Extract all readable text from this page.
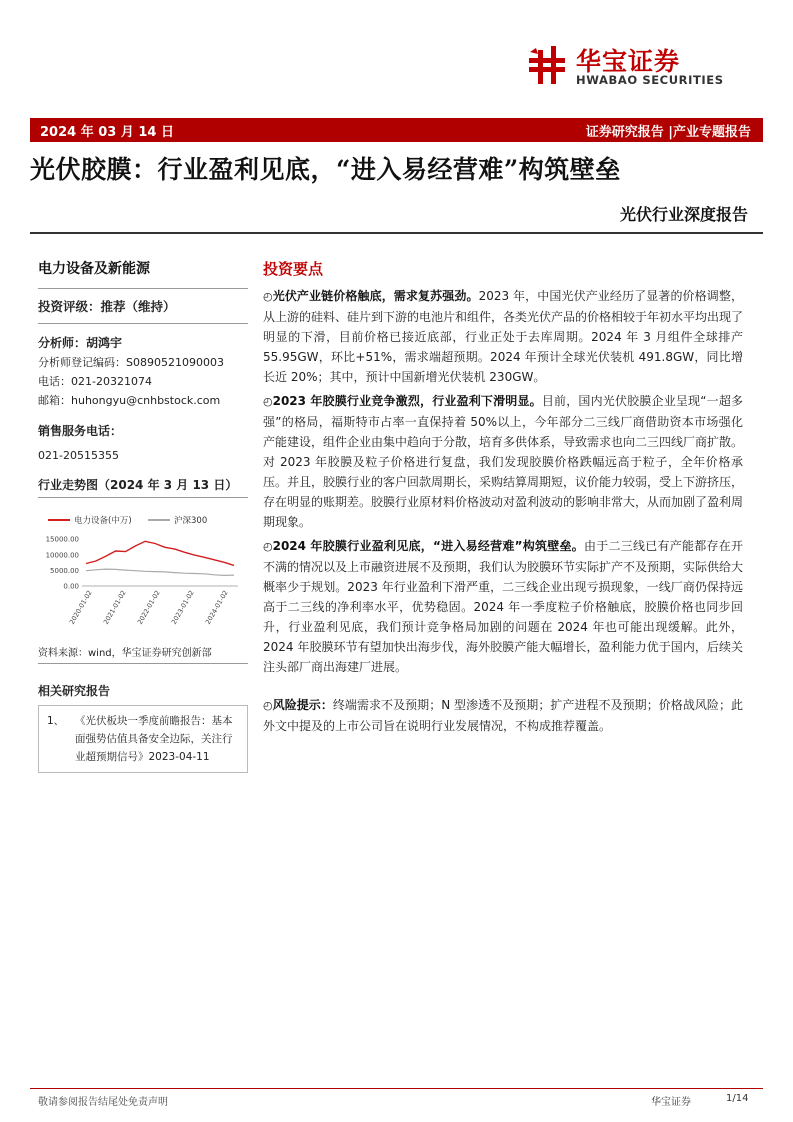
华宝证券
HWABAO SECURITIES
2024 年 03 月 14 日	证券研究报告 |产业专题报告
光伏胶膜：行业盈利见底，“进入易经营难”构筑壁垒
光伏行业深度报告
电力设备及新能源
投资评级：推荐（维持）
分析师：胡鸿宇
分析师登记编码：S0890521090003
电话：021-20321074
邮箱：huhongyu@cnhbstock.com
销售服务电话：
021-20515355
行业走势图（2024 年 3 月 13 日）
电力设备(中万)	沪深300
15000.00
10000.00
5000.00
0.00
2020-01-02 2021-01-02 2022-01-02 2023-01-02 2024-01-02
资料来源：wind，华宝证券研究创新部
相关研究报告
1、	《光伏板块一季度前瞻报告：基本面强势估值具备安全边际，关注行业超预期信号》2023-04-11
投资要点

◴光伏产业链价格触底，需求复苏强劲。2023 年，中国光伏产业经历了显著的价格调整，从上游的硅料、硅片到下游的电池片和组件，各类光伏产品的价格相较于年初水平均出现了明显的下滑，目前价格已接近底部，行业正处于去库周期。2024 年 3 月组件全球排产 55.95GW，环比+51%，需求端超预期。2024 年预计全球光伏装机 491.8GW，同比增长近 20%；其中，预计中国新增光伏装机 230GW。

◴2023 年胶膜行业竞争激烈，行业盈利下滑明显。目前，国内光伏胶膜企业呈现“一超多强”的格局，福斯特市占率一直保持着 50%以上，今年部分二三线厂商借助资本市场强化产能建设，组件企业由集中趋向于分散，培育多供体系，导致需求也向二三四线厂商扩散。对 2023 年胶膜及粒子价格进行复盘，我们发现胶膜价格跌幅远高于粒子，全年价格承压。并且，胶膜行业的客户回款周期长，采购结算周期短，议价能力较弱，受上下游挤压，存在明显的账期差。胶膜行业原材料价格波动对盈利波动的影响非常大，从而加剧了盈利周期现象。

◴2024 年胶膜行业盈利见底，“进入易经营难”构筑壁垒。由于二三线已有产能都存在开不满的情况以及上市融资进展不及预期，我们认为胶膜环节实际扩产不及预期，实际供给大概率少于规划。2023 年行业盈利下滑严重，二三线企业出现亏损现象，一线厂商仍保持远高于二三线的净利率水平，优势稳固。2024 年一季度粒子价格触底，胶膜价格也同步回升，行业盈利见底，我们预计竞争格局加剧的问题在 2024 年也可能出现缓解。此外，2024 年胶膜环节有望加快出海步伐，海外胶膜产能大幅增长，盈利能力优于国内，后续关注头部厂商出海建厂进展。

◴风险提示：终端需求不及预期；N 型渗透不及预期；扩产进程不及预期；价格战风险；此外文中提及的上市公司旨在说明行业发展情况，不构成推荐覆盖。

敬请参阅报告结尾处免责声明	华宝证券	1/14
